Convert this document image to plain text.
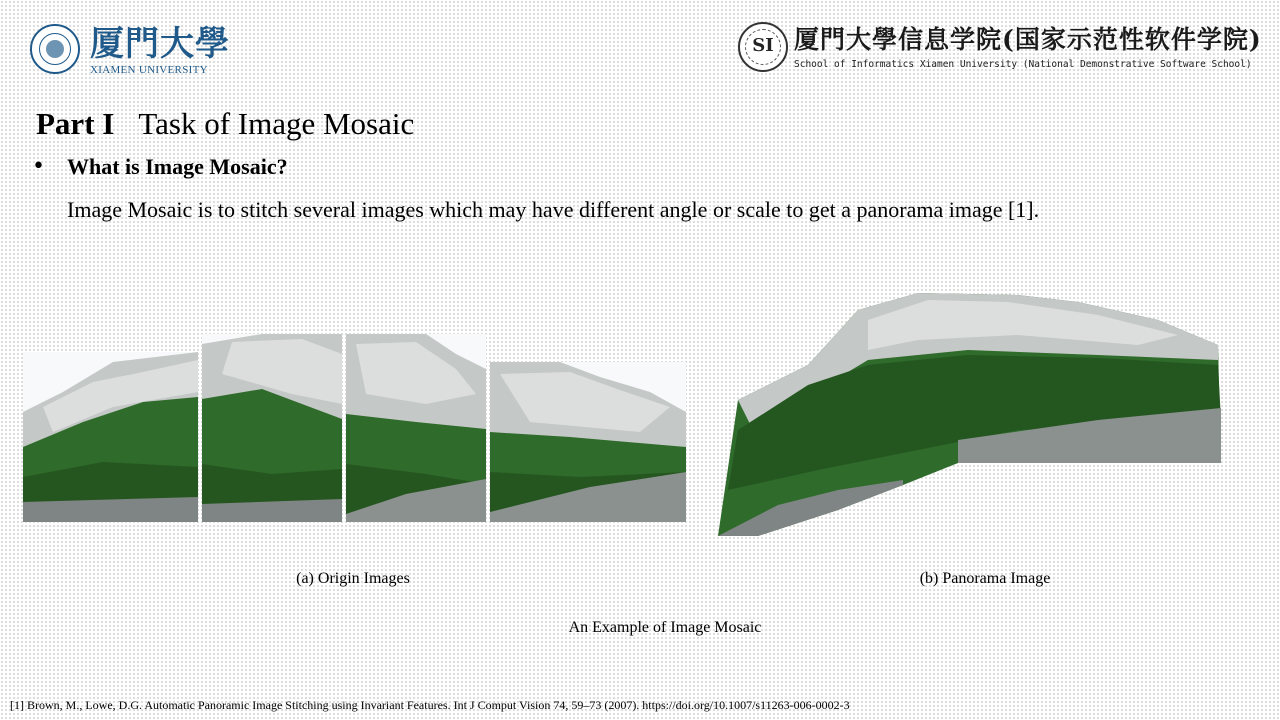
厦門大學
XIAMEN UNIVERSITY
SI 厦門大學信息学院(国家示范性软件学院)
School of Informatics Xiamen University (National Demonstrative Software School)
Part I Task of Image Mosaic
• What is Image Mosaic?
Image Mosaic is to stitch several images which may have different angle or scale to get a panorama image [1].
(a) Origin Images	(b) Panorama Image
An Example of Image Mosaic
[1] Brown, M., Lowe, D.G. Automatic Panoramic Image Stitching using Invariant Features. Int J Comput Vision 74, 59–73 (2007). https://doi.org/10.1007/s11263-006-0002-3
